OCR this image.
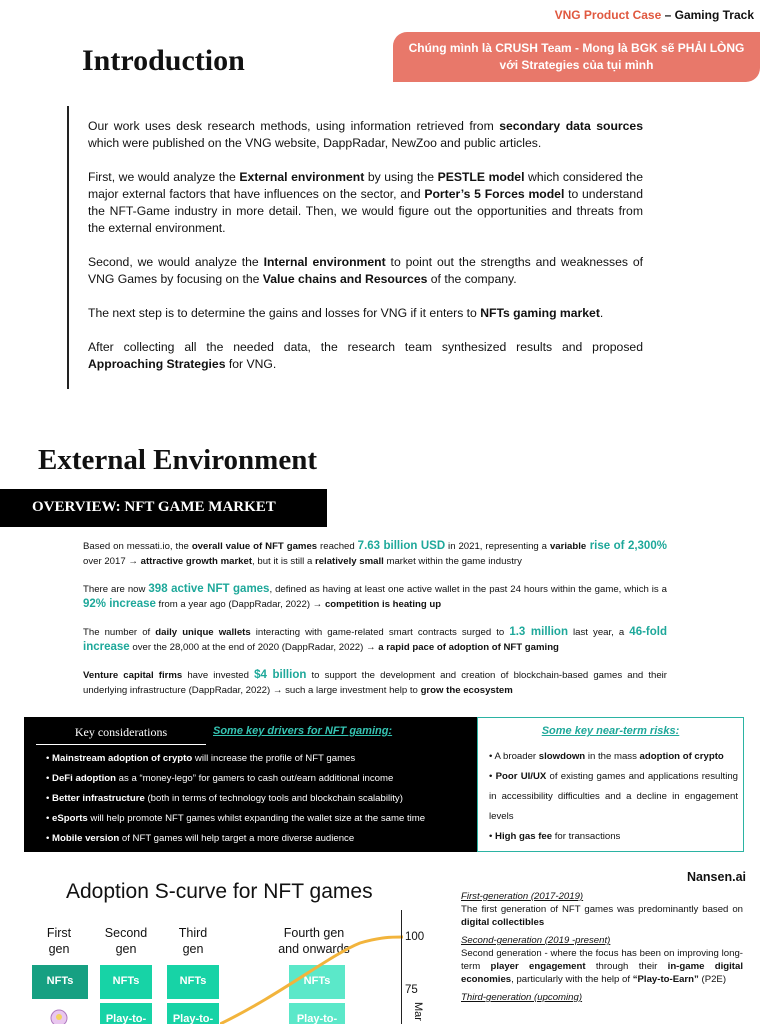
VNG Product Case – Gaming Track
Chúng mình là CRUSH Team - Mong là BGK sẽ PHẢI LÒNG
với Strategies của tụi mình
Introduction

Our work uses desk research methods, using information retrieved from secondary data sources which were published on the VNG website, DappRadar, NewZoo and public articles.

First, we would analyze the External environment by using the PESTLE model which considered the major external factors that have influences on the sector, and Porter’s 5 Forces model to understand the NFT-Game industry in more detail. Then, we would figure out the opportunities and threats from the external environment.

Second, we would analyze the Internal environment to point out the strengths and weaknesses of VNG Games by focusing on the Value chains and Resources of the company.

The next step is to determine the gains and losses for VNG if it enters to NFTs gaming market.

After collecting all the needed data, the research team synthesized results and proposed Approaching Strategies for VNG.

External Environment
OVERVIEW: NFT GAME MARKET

Based on messati.io, the overall value of NFT games reached 7.63 billion USD in 2021, representing a variable rise of 2,300% over 2017 → attractive growth market, but it is still a relatively small market within the game industry

There are now 398 active NFT games, defined as having at least one active wallet in the past 24 hours within the game, which is a 92% increase from a year ago (DappRadar, 2022) → competition is heating up

The number of daily unique wallets interacting with game-related smart contracts surged to 1.3 million last year, a 46-fold increase over the 28,000 at the end of 2020 (DappRadar, 2022) → a rapid pace of adoption of NFT gaming

Venture capital firms have invested $4 billion to support the development and creation of blockchain-based games and their underlying infrastructure (DappRadar, 2022) → such a large investment help to grow the ecosystem

Key considerations	Some key drivers for NFT gaming:
• Mainstream adoption of crypto will increase the profile of NFT games
• DeFi adoption as a “money-lego” for gamers to cash out/earn additional income
• Better infrastructure (both in terms of technology tools and blockchain scalability)
• eSports will help promote NFT games whilst expanding the wallet size at the same time
• Mobile version of NFT games will help target a more diverse audience
Some key near-term risks:
• A broader slowdown in the mass adoption of crypto
• Poor UI/UX of existing games and applications resulting in accessibility difficulties and a decline in engagement levels
• High gas fee for transactions
Adoption S-curve for NFT games
First
gen
Second
gen
Third
gen
Fourth gen
and onwards
NFTs	NFTs	NFTs	NFTs
Play-to-	Play-to-	Play-to-
100
75
Mar
Nansen.ai
First-generation (2017-2019)

The first generation of NFT games was predominantly based on digital collectibles

Second-generation (2019 -present)

Second generation - where the focus has been on improving long-term player engagement through their in-game digital economies, particularly with the help of “Play-to-Earn” (P2E)

Third-generation (upcoming)
